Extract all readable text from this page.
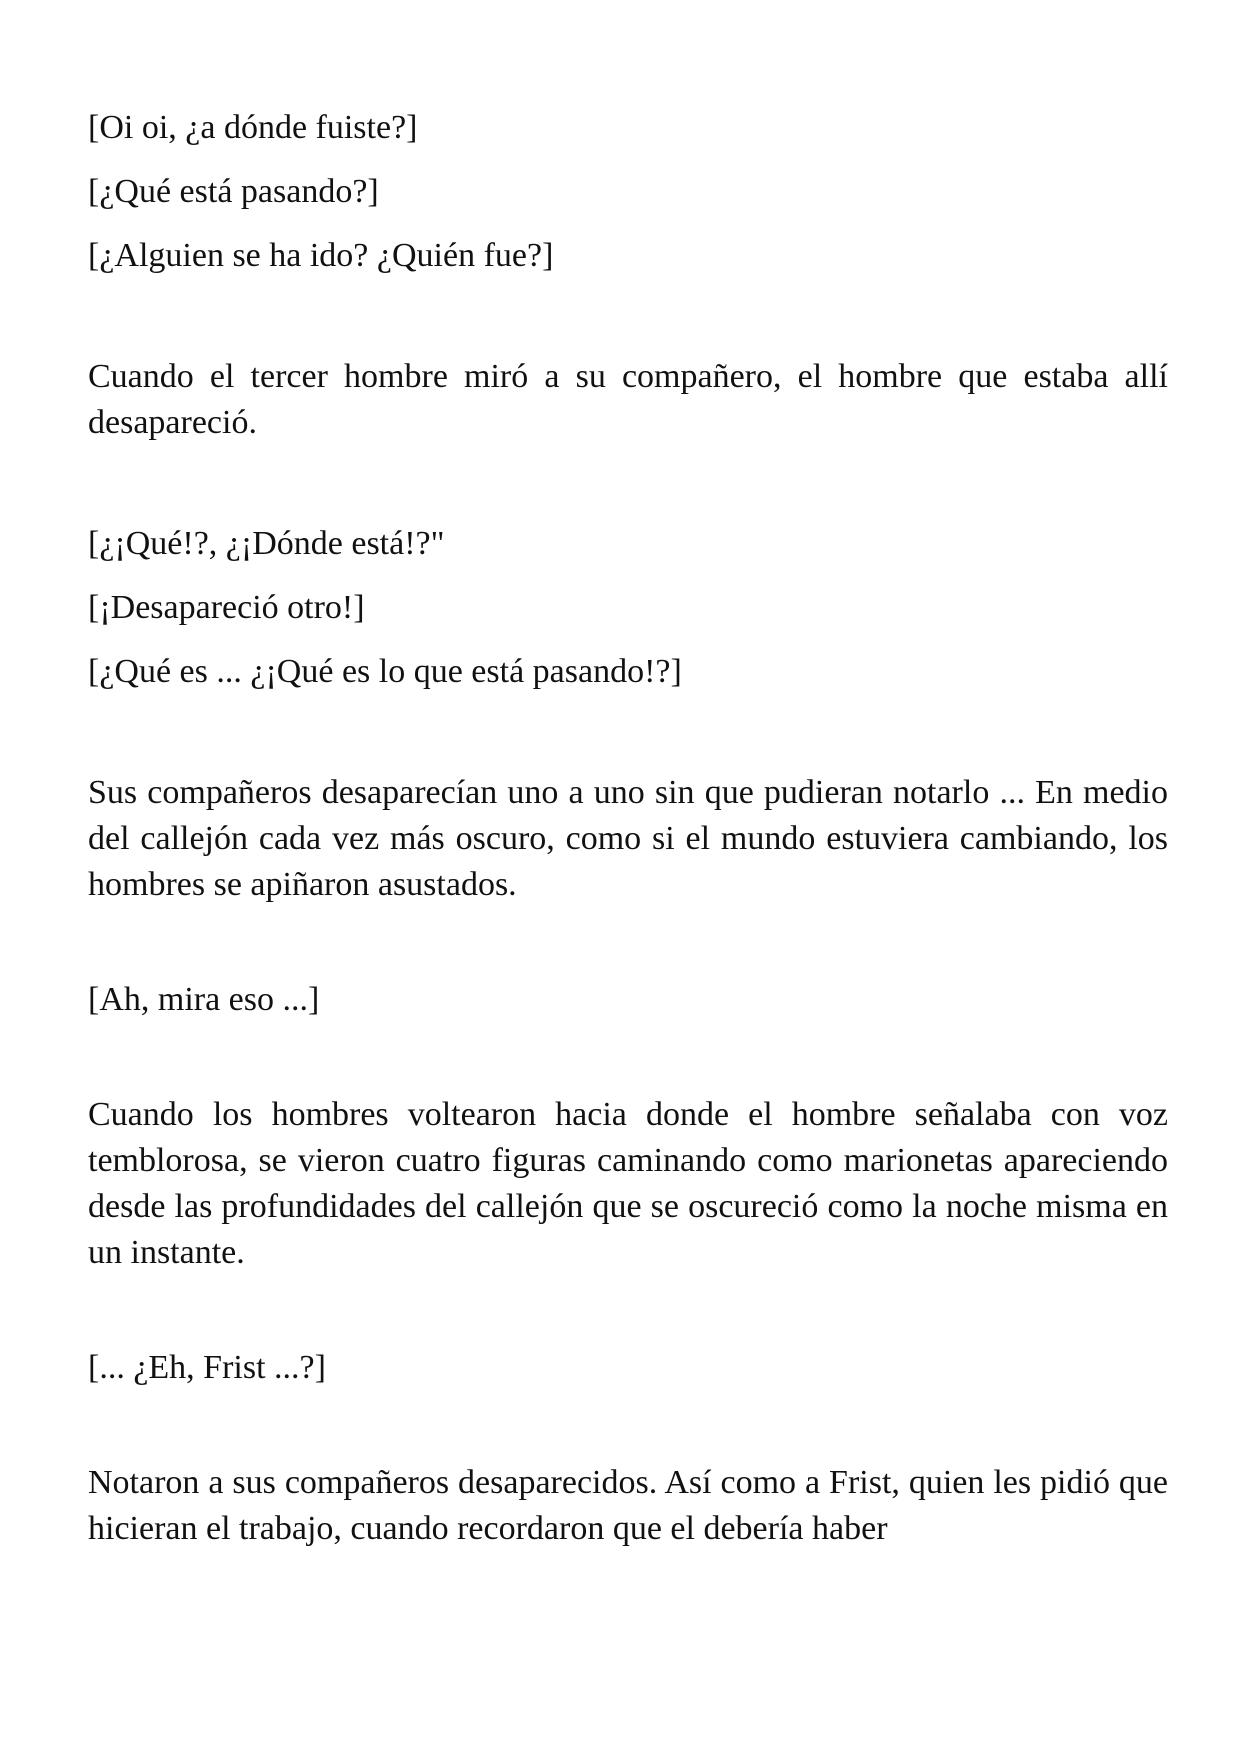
[Oi oi, ¿a dónde fuiste?]

[¿Qué está pasando?]

[¿Alguien se ha ido? ¿Quién fue?]

Cuando el tercer hombre miró a su compañero, el hombre que estaba allí desapareció.

[¿¡Qué!?, ¿¡Dónde está!?"

[¡Desapareció otro!]

[¿Qué es ... ¿¡Qué es lo que está pasando!?]

Sus compañeros desaparecían uno a uno sin que pudieran notarlo ... En medio del callejón cada vez más oscuro, como si el mundo estuviera cambiando, los hombres se apiñaron asustados.

[Ah, mira eso ...]

Cuando los hombres voltearon hacia donde el hombre señalaba con voz temblorosa, se vieron cuatro figuras caminando como marionetas apareciendo desde las profundidades del callejón que se oscureció como la noche misma en un instante.

[... ¿Eh, Frist ...?]

Notaron a sus compañeros desaparecidos. Así como a Frist, quien les pidió que hicieran el trabajo, cuando recordaron que el debería haber
